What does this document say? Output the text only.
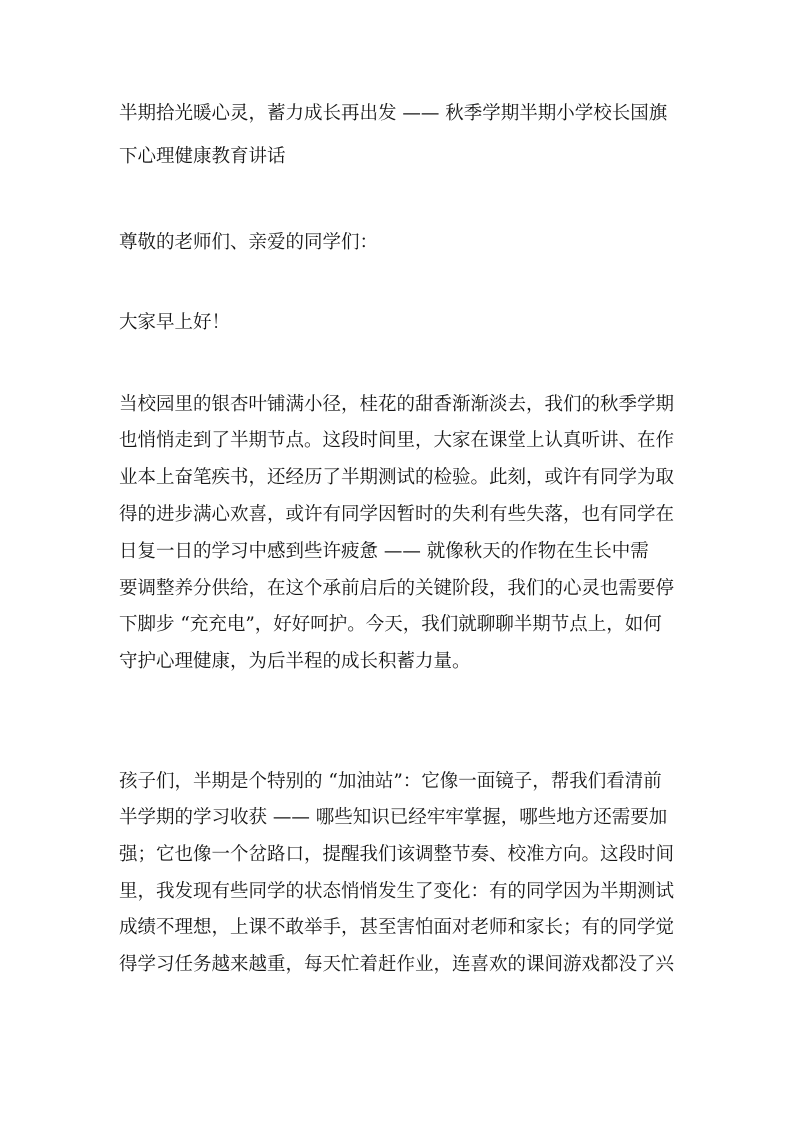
半期拾光暖心灵，蓄力成长再出发 —— 秋季学期半期小学校长国旗
下心理健康教育讲话
尊敬的老师们、亲爱的同学们：
大家早上好！
当校园里的银杏叶铺满小径，桂花的甜香渐渐淡去，我们的秋季学期
也悄悄走到了半期节点。这段时间里，大家在课堂上认真听讲、在作
业本上奋笔疾书，还经历了半期测试的检验。此刻，或许有同学为取
得的进步满心欢喜，或许有同学因暂时的失利有些失落，也有同学在
日复一日的学习中感到些许疲惫 —— 就像秋天的作物在生长中需
要调整养分供给，在这个承前启后的关键阶段，我们的心灵也需要停
下脚步 “充充电”，好好呵护。今天，我们就聊聊半期节点上，如何
守护心理健康，为后半程的成长积蓄力量。
孩子们，半期是个特别的 “加油站”：它像一面镜子，帮我们看清前
半学期的学习收获 —— 哪些知识已经牢牢掌握，哪些地方还需要加
强；它也像一个岔路口，提醒我们该调整节奏、校准方向。这段时间
里，我发现有些同学的状态悄悄发生了变化：有的同学因为半期测试
成绩不理想，上课不敢举手，甚至害怕面对老师和家长；有的同学觉
得学习任务越来越重，每天忙着赶作业，连喜欢的课间游戏都没了兴
